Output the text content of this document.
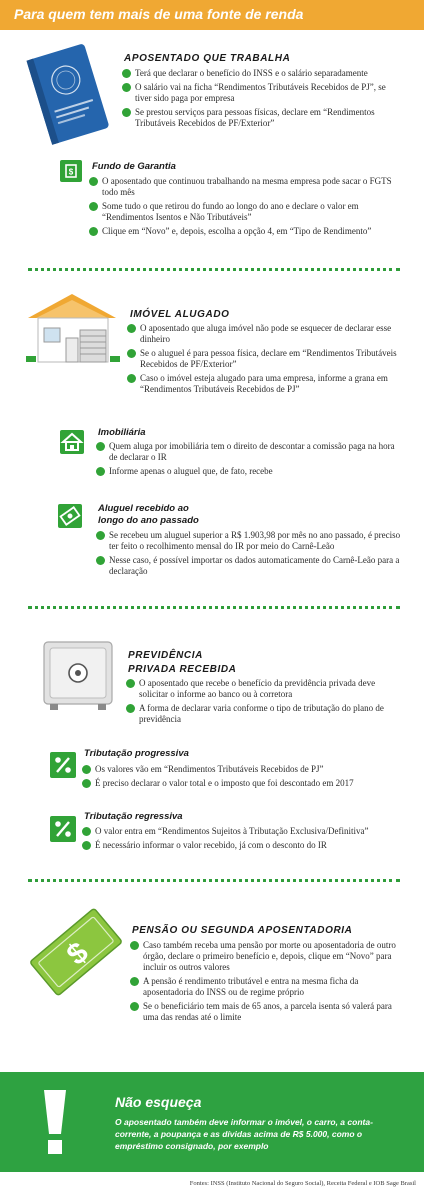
Para quem tem mais de uma fonte de renda
APOSENTADO QUE TRABALHA
Terá que declarar o benefício do INSS e o salário separadamente
O salário vai na ficha “Rendimentos Tributáveis Recebidos de PJ”, se tiver sido paga por empresa
Se prestou serviços para pessoas físicas, declare em “Rendimentos Tributáveis Recebidos de PF/Exterior”
$ Fundo de Garantia
O aposentado que continuou trabalhando na mesma empresa pode sacar o FGTS todo mês
Some tudo o que retirou do fundo ao longo do ano e declare o valor em “Rendimentos Isentos e Não Tributáveis”
Clique em “Novo” e, depois, escolha a opção 4, em “Tipo de Rendimento”
IMÓVEL ALUGADO
O aposentado que aluga imóvel não pode se esquecer de declarar esse dinheiro
Se o aluguel é para pessoa física, declare em “Rendimentos Tributáveis Recebidos de PF/Exterior”
Caso o imóvel esteja alugado para uma empresa, informe a grana em “Rendimentos Tributáveis Recebidos de PJ”
Imobiliária
Quem aluga por imobiliária tem o direito de descontar a comissão paga na hora de declarar o IR
Informe apenas o aluguel que, de fato, recebe
Aluguel recebido ao
longo do ano passado
Se recebeu um aluguel superior a R$ 1.903,98 por mês no ano passado, é preciso ter feito o recolhimento mensal do IR por meio do Carnê-Leão
Nesse caso, é possível importar os dados automaticamente do Carnê-Leão para a declaração
PREVIDÊNCIA
PRIVADA RECEBIDA
O aposentado que recebe o benefício da previdência privada deve solicitar o informe ao banco ou à corretora
A forma de declarar varia conforme o tipo de tributação do plano de previdência
Tributação progressiva
Os valores vão em “Rendimentos Tributáveis Recebidos de PJ”
É preciso declarar o valor total e o imposto que foi descontado em 2017
Tributação regressiva
O valor entra em “Rendimentos Sujeitos à Tributação Exclusiva/Definitiva”
É necessário informar o valor recebido, já com o desconto do IR
$
PENSÃO OU SEGUNDA APOSENTADORIA
Caso também receba uma pensão por morte ou aposentadoria de outro órgão, declare o primeiro benefício e, depois, clique em “Novo” para incluir os outros valores
A pensão é rendimento tributável e entra na mesma ficha da aposentadoria do INSS ou de regime próprio
Se o beneficiário tem mais de 65 anos, a parcela isenta só valerá para uma das rendas até o limite
Não esqueça
O aposentado também deve informar o imóvel, o carro, a conta-corrente, a poupança e as dívidas acima de R$ 5.000, como o empréstimo consignado, por exemplo
Fontes: INSS (Instituto Nacional do Seguro Social), Receita Federal e IOB Sage Brasil
